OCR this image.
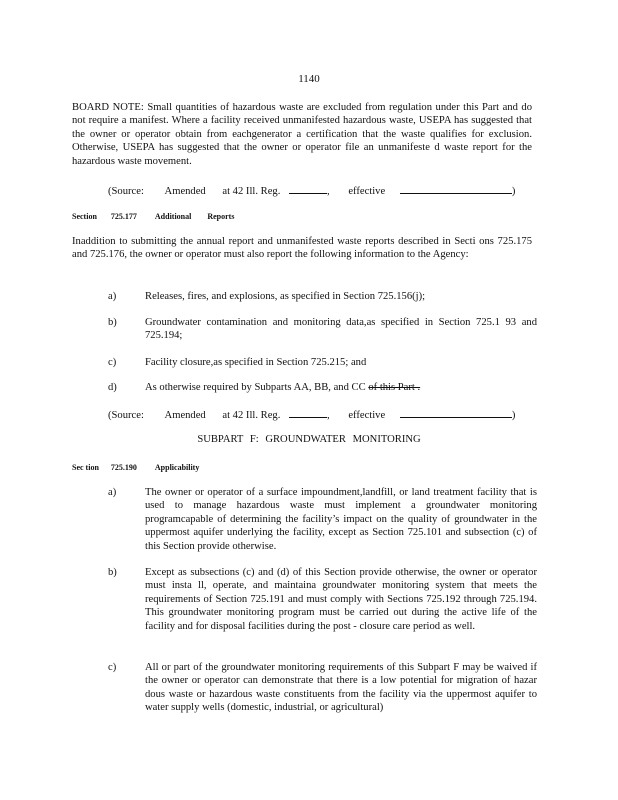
1140
BOARD NOTE: Small quantities of hazardous waste are excluded from regulation under this Part and do not require a manifest. Where a facility received unmanifested hazardous waste, USEPA has suggested that the owner or operator obtain from eachgenerator a certification that the waste qualifies for exclusion. Otherwise, USEPA has suggested that the owner or operator file an unmanifeste d waste report for the hazardous waste movement.
(Source: Amended at 42 Ill. Reg.	, effective	)
Section 725.177 Additional Reports
Inaddition to submitting the annual report and unmanifested waste reports described in Secti ons 725.175 and 725.176, the owner or operator must also report the following information to the Agency:
a)	Releases, fires, and explosions, as specified in Section 725.156(j);
b)	Groundwater contamination and monitoring data,as specified in Section 725.1 93 and 725.194;
c)	Facility closure,as specified in Section 725.215; and
d)	As otherwise required by Subparts AA, BB, and CC of this Part .
(Source: Amended at 42 Ill. Reg.	, effective	)
SUBPART F: GROUNDWATER MONITORING
Sec tion 725.190 Applicability
a)	The owner or operator of a surface impoundment,landfill, or land treatment facility that is used to manage hazardous waste must implement a groundwater monitoring programcapable of determining the facility’s impact on the quality of groundwater in the uppermost aquifer underlying the facility, except as Section 725.101 and subsection (c) of this Section provide otherwise.
b)	Except as subsections (c) and (d) of this Section provide otherwise, the owner or operator must insta ll, operate, and maintaina groundwater monitoring system that meets the requirements of Section 725.191 and must comply with Sections 725.192 through 725.194. This groundwater monitoring program must be carried out during the active life of the facility and for disposal facilities during the post - closure care period as well.
c)	All or part of the groundwater monitoring requirements of this Subpart F may be waived if the owner or operator can demonstrate that there is a low potential for migration of hazar dous waste or hazardous waste constituents from the facility via the uppermost aquifer to water supply wells (domestic, industrial, or agricultural)
